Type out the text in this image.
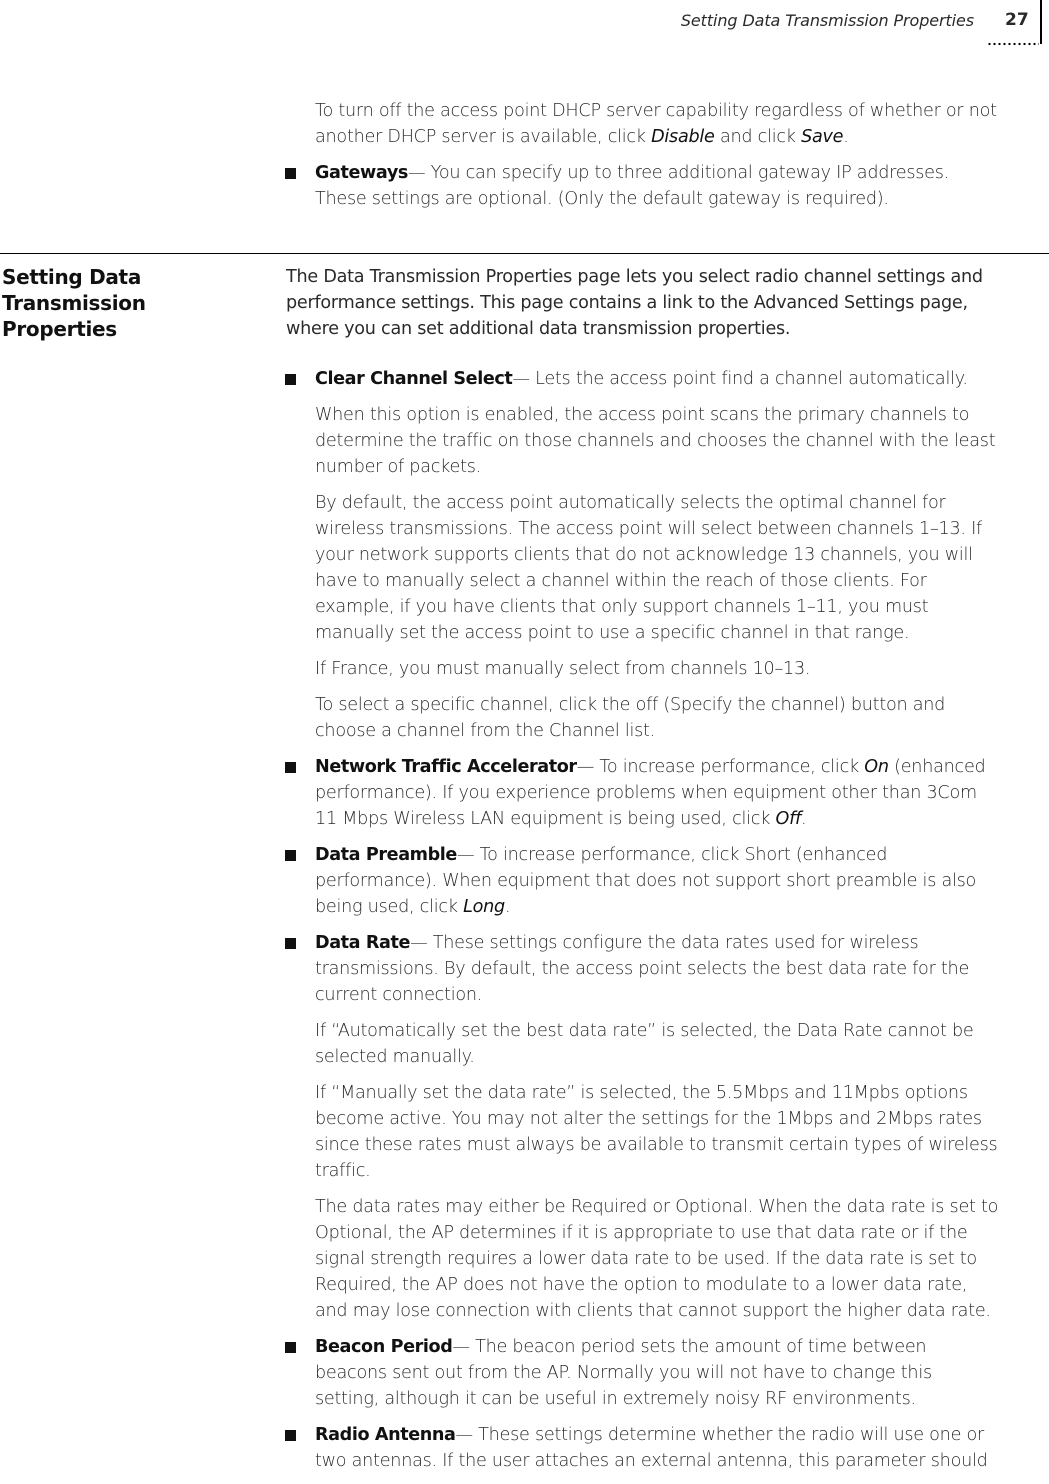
Setting Data Transmission Properties 27
To turn off the access point DHCP server capability regardless of whether or not
another DHCP server is available, click Disable and click Save.
Gateways— You can specify up to three additional gateway IP addresses.
These settings are optional. (Only the default gateway is required).
Setting Data
Transmission
Properties
The Data Transmission Properties page lets you select radio channel settings and
performance settings. This page contains a link to the Advanced Settings page,
where you can set additional data transmission properties.
Clear Channel Select— Lets the access point find a channel automatically.
When this option is enabled, the access point scans the primary channels to
determine the traffic on those channels and chooses the channel with the least
number of packets.
By default, the access point automatically selects the optimal channel for
wireless transmissions. The access point will select between channels 1–13. If
your network supports clients that do not acknowledge 13 channels, you will
have to manually select a channel within the reach of those clients. For
example, if you have clients that only support channels 1–11, you must
manually set the access point to use a specific channel in that range.
If France, you must manually select from channels 10–13.
To select a specific channel, click the off (Specify the channel) button and
choose a channel from the Channel list.
Network Traffic Accelerator— To increase performance, click On (enhanced
performance). If you experience problems when equipment other than 3Com
11 Mbps Wireless LAN equipment is being used, click Off.
Data Preamble— To increase performance, click Short (enhanced
performance). When equipment that does not support short preamble is also
being used, click Long.
Data Rate— These settings configure the data rates used for wireless
transmissions. By default, the access point selects the best data rate for the
current connection.
If “Automatically set the best data rate” is selected, the Data Rate cannot be
selected manually.
If “Manually set the data rate” is selected, the 5.5Mbps and 11Mpbs options
become active. You may not alter the settings for the 1Mbps and 2Mbps rates
since these rates must always be available to transmit certain types of wireless
traffic.
The data rates may either be Required or Optional. When the data rate is set to
Optional, the AP determines if it is appropriate to use that data rate or if the
signal strength requires a lower data rate to be used. If the data rate is set to
Required, the AP does not have the option to modulate to a lower data rate,
and may lose connection with clients that cannot support the higher data rate.
Beacon Period— The beacon period sets the amount of time between
beacons sent out from the AP. Normally you will not have to change this
setting, although it can be useful in extremely noisy RF environments.
Radio Antenna— These settings determine whether the radio will use one or
two antennas. If the user attaches an external antenna, this parameter should
